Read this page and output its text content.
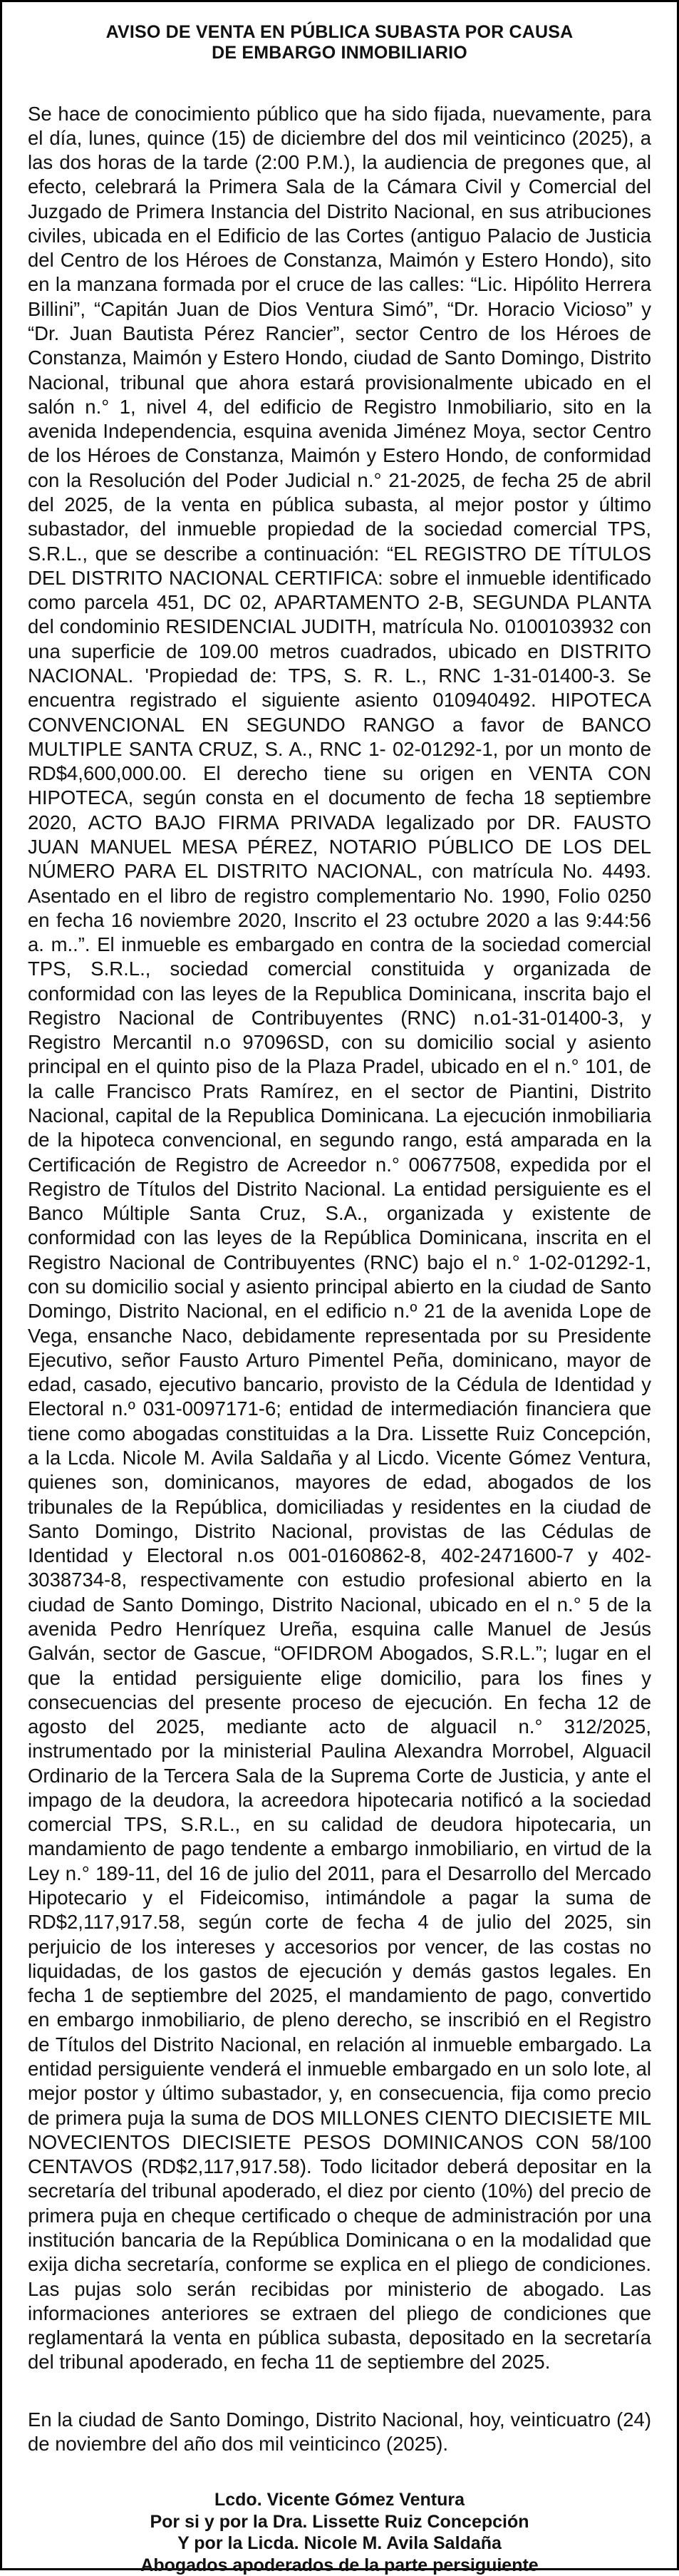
AVISO DE VENTA EN PÚBLICA SUBASTA POR CAUSA
DE EMBARGO INMOBILIARIO

Se hace de conocimiento público que ha sido fijada, nuevamente, para el día, lunes, quince (15) de diciembre del dos mil veinticinco (2025), a las dos horas de la tarde (2:00 P.M.), la audiencia de pregones que, al efecto, celebrará la Primera Sala de la Cámara Civil y Comercial del Juzgado de Primera Instancia del Distrito Nacional, en sus atribuciones civiles, ubicada en el Edificio de las Cortes (antiguo Palacio de Justicia del Centro de los Héroes de Constanza, Maimón y Estero Hondo), sito en la manzana formada por el cruce de las calles: “Lic. Hipólito Herrera Billini”, “Capitán Juan de Dios Ventura Simó”, “Dr. Horacio Vicioso” y “Dr. Juan Bautista Pérez Rancier”, sector Centro de los Héroes de Constanza, Maimón y Estero Hondo, ciudad de Santo Domingo, Distrito Nacional, tribunal que ahora estará provisionalmente ubicado en el salón n.° 1, nivel 4, del edificio de Registro Inmobiliario, sito en la avenida Independencia, esquina avenida Jiménez Moya, sector Centro de los Héroes de Constanza, Maimón y Estero Hondo, de conformidad con la Resolución del Poder Judicial n.° 21-2025, de fecha 25 de abril del 2025, de la venta en pública subasta, al mejor postor y último subastador, del inmueble propiedad de la sociedad comercial TPS, S.R.L., que se describe a continuación: “EL REGISTRO DE TÍTULOS DEL DISTRITO NACIONAL CERTIFICA: sobre el inmueble identificado como parcela 451, DC 02, APARTAMENTO 2-B, SEGUNDA PLANTA del condominio RESIDENCIAL JUDITH, matrícula No. 0100103932 con una superficie de 109.00 metros cuadrados, ubicado en DISTRITO NACIONAL. 'Propiedad de: TPS, S. R. L., RNC 1-31-01400-3. Se encuentra registrado el siguiente asiento 010940492. HIPOTECA CONVENCIONAL EN SEGUNDO RANGO a favor de BANCO MULTIPLE SANTA CRUZ, S. A., RNC 1- 02-01292-1, por un monto de RD$4,600,000.00. El derecho tiene su origen en VENTA CON HIPOTECA, según consta en el documento de fecha 18 septiembre 2020, ACTO BAJO FIRMA PRIVADA legalizado por DR. FAUSTO JUAN MANUEL MESA PÉREZ, NOTARIO PÚBLICO DE LOS DEL NÚMERO PARA EL DISTRITO NACIONAL, con matrícula No. 4493. Asentado en el libro de registro complementario No. 1990, Folio 0250 en fecha 16 noviembre 2020, Inscrito el 23 octubre 2020 a las 9:44:56 a. m..”. El inmueble es embargado en contra de la sociedad comercial TPS, S.R.L., sociedad comercial constituida y organizada de conformidad con las leyes de la Republica Dominicana, inscrita bajo el Registro Nacional de Contribuyentes (RNC) n.o1-31-01400-3, y Registro Mercantil n.o 97096SD, con su domicilio social y asiento principal en el quinto piso de la Plaza Pradel, ubicado en el n.° 101, de la calle Francisco Prats Ramírez, en el sector de Piantini, Distrito Nacional, capital de la Republica Dominicana. La ejecución inmobiliaria de la hipoteca convencional, en segundo rango, está amparada en la Certificación de Registro de Acreedor n.° 00677508, expedida por el Registro de Títulos del Distrito Nacional. La entidad persiguiente es el Banco Múltiple Santa Cruz, S.A., organizada y existente de conformidad con las leyes de la República Dominicana, inscrita en el Registro Nacional de Contribuyentes (RNC) bajo el n.° 1-02-01292-1, con su domicilio social y asiento principal abierto en la ciudad de Santo Domingo, Distrito Nacional, en el edificio n.º 21 de la avenida Lope de Vega, ensanche Naco, debidamente representada por su Presidente Ejecutivo, señor Fausto Arturo Pimentel Peña, dominicano, mayor de edad, casado, ejecutivo bancario, provisto de la Cédula de Identidad y Electoral n.º 031-0097171-6; entidad de intermediación financiera que tiene como abogadas constituidas a la Dra. Lissette Ruiz Concepción, a la Lcda. Nicole M. Avila Saldaña y al Licdo. Vicente Gómez Ventura, quienes son, dominicanos, mayores de edad, abogados de los tribunales de la República, domiciliadas y residentes en la ciudad de Santo Domingo, Distrito Nacional, provistas de las Cédulas de Identidad y Electoral n.os 001-0160862-8, 402-2471600-7 y 402-3038734-8, respectivamente con estudio profesional abierto en la ciudad de Santo Domingo, Distrito Nacional, ubicado en el n.° 5 de la avenida Pedro Henríquez Ureña, esquina calle Manuel de Jesús Galván, sector de Gascue, “OFIDROM Abogados, S.R.L.”; lugar en el que la entidad persiguiente elige domicilio, para los fines y consecuencias del presente proceso de ejecución. En fecha 12 de agosto del 2025, mediante acto de alguacil n.° 312/2025, instrumentado por la ministerial Paulina Alexandra Morrobel, Alguacil Ordinario de la Tercera Sala de la Suprema Corte de Justicia, y ante el impago de la deudora, la acreedora hipotecaria notificó a la sociedad comercial TPS, S.R.L., en su calidad de deudora hipotecaria, un mandamiento de pago tendente a embargo inmobiliario, en virtud de la Ley n.° 189-11, del 16 de julio del 2011, para el Desarrollo del Mercado Hipotecario y el Fideicomiso, intimándole a pagar la suma de RD$2,117,917.58, según corte de fecha 4 de julio del 2025, sin perjuicio de los intereses y accesorios por vencer, de las costas no liquidadas, de los gastos de ejecución y demás gastos legales. En fecha 1 de septiembre del 2025, el mandamiento de pago, convertido en embargo inmobiliario, de pleno derecho, se inscribió en el Registro de Títulos del Distrito Nacional, en relación al inmueble embargado. La entidad persiguiente venderá el inmueble embargado en un solo lote, al mejor postor y último subastador, y, en consecuencia, fija como precio de primera puja la suma de DOS MILLONES CIENTO DIECISIETE MIL NOVECIENTOS DIECISIETE PESOS DOMINICANOS CON 58/100 CENTAVOS (RD$2,117,917.58). Todo licitador deberá depositar en la secretaría del tribunal apoderado, el diez por ciento (10%) del precio de primera puja en cheque certificado o cheque de administración por una institución bancaria de la República Dominicana o en la modalidad que exija dicha secretaría, conforme se explica en el pliego de condiciones. Las pujas solo serán recibidas por ministerio de abogado. Las informaciones anteriores se extraen del pliego de condiciones que reglamentará la venta en pública subasta, depositado en la secretaría del tribunal apoderado, en fecha 11 de septiembre del 2025.

En la ciudad de Santo Domingo, Distrito Nacional, hoy, veinticuatro (24) de noviembre del año dos mil veinticinco (2025).

Lcdo. Vicente Gómez Ventura
Por si y por la Dra. Lissette Ruiz Concepción
Y por la Licda. Nicole M. Avila Saldaña
Abogados apoderados de la parte persiguiente
